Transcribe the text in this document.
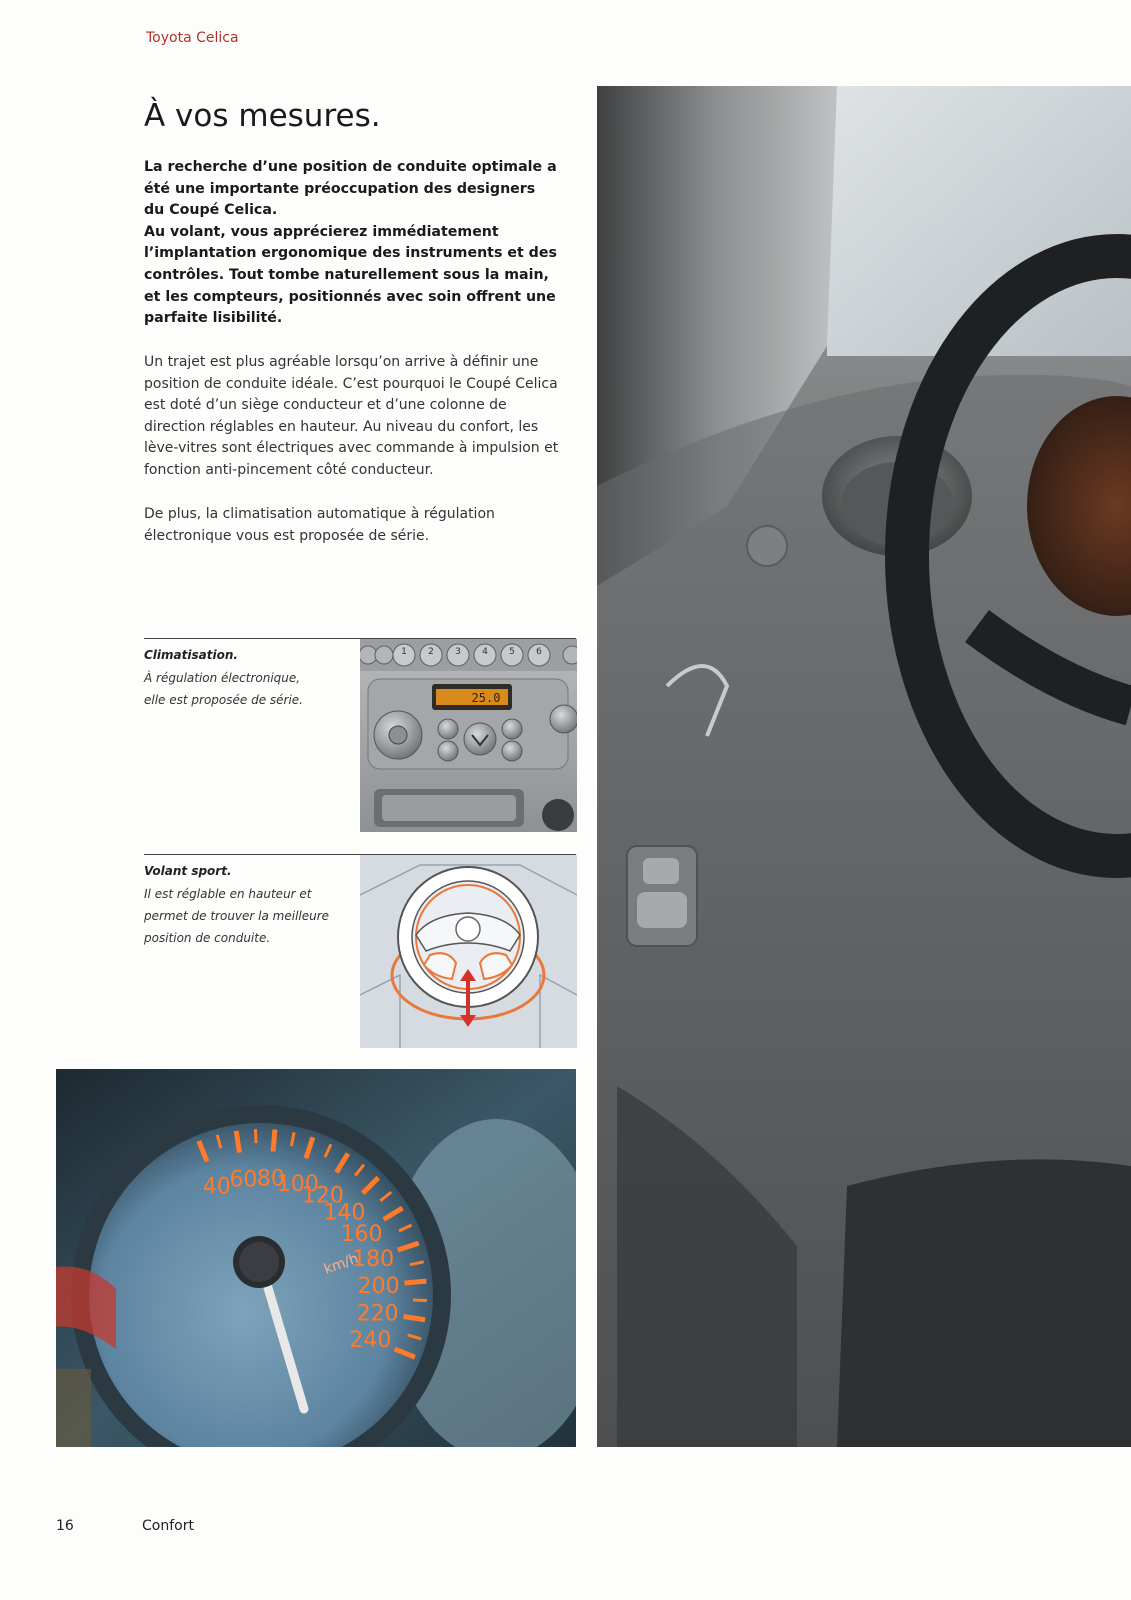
Toyota Celica
À vos mesures.

La recherche d’une position de conduite optimale a été une importante préoccupation des designers du Coupé Celica.
Au volant, vous apprécierez immédiatement l’implantation ergonomique des instruments et des contrôles. Tout tombe naturellement sous la main, et les compteurs, positionnés avec soin offrent une parfaite lisibilité.

Un trajet est plus agréable lorsqu’on arrive à définir une position de conduite idéale. C’est pourquoi le Coupé Celica est doté d’un siège conducteur et d’une colonne de direction réglables en hauteur. Au niveau du confort, les lève-vitres sont électriques avec commande à impulsion et fonction anti-pincement côté conducteur.

De plus, la climatisation automatique à régulation électronique vous est proposée de série.

Climatisation.

À régulation électronique,
elle est proposée de série.

1 2 3 4 5 6
25.0

Volant sport.

Il est réglable en hauteur et
permet de trouver la meilleure
position de conduite.

40
60 80
100
120
140
160
180
200
220
240
km/h
16	Confort
